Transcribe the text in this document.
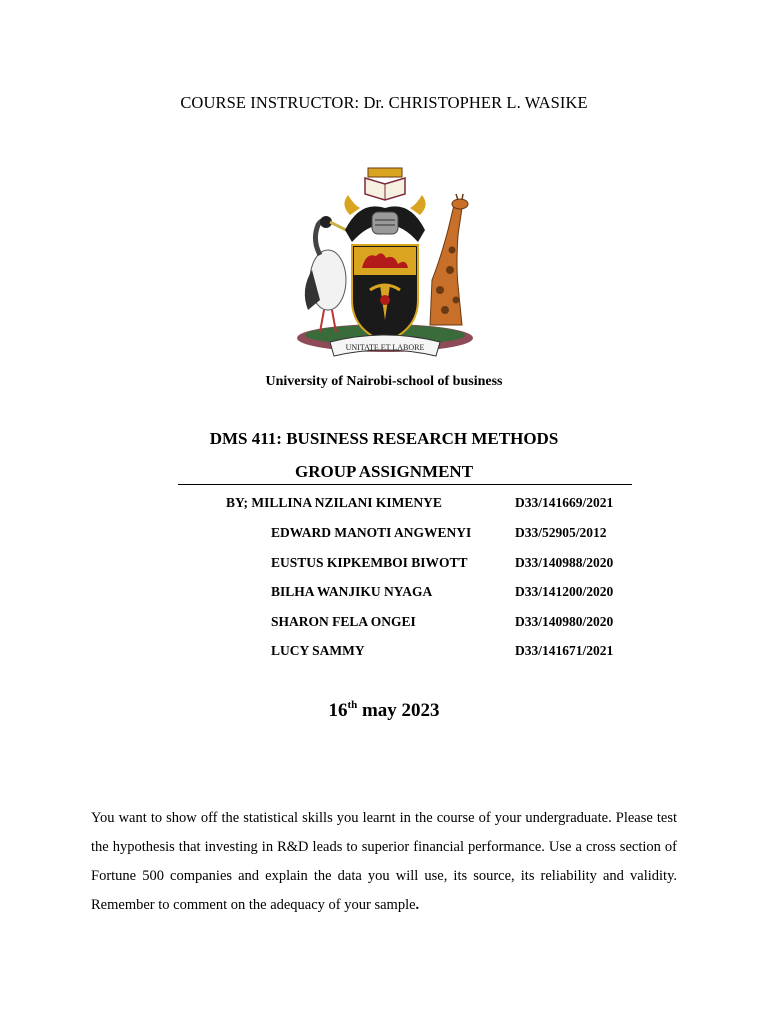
COURSE INSTRUCTOR: Dr. CHRISTOPHER L. WASIKE
UNITATE ET LABORE
University of Nairobi-school of business
DMS 411: BUSINESS RESEARCH METHODS
GROUP ASSIGNMENT
BY; MILLINA NZILANI KIMENYE	D33/141669/2021
EDWARD MANOTI ANGWENYI	D33/52905/2012
EUSTUS KIPKEMBOI BIWOTT	D33/140988/2020
BILHA WANJIKU NYAGA	D33/141200/2020
SHARON FELA ONGEI	D33/140980/2020
LUCY SAMMY	D33/141671/2021
16th may 2023
You want to show off the statistical skills you learnt in the course of your undergraduate. Please test the hypothesis that investing in R&D leads to superior financial performance. Use a cross section of Fortune 500 companies and explain the data you will use, its source, its reliability and validity. Remember to comment on the adequacy of your sample.
